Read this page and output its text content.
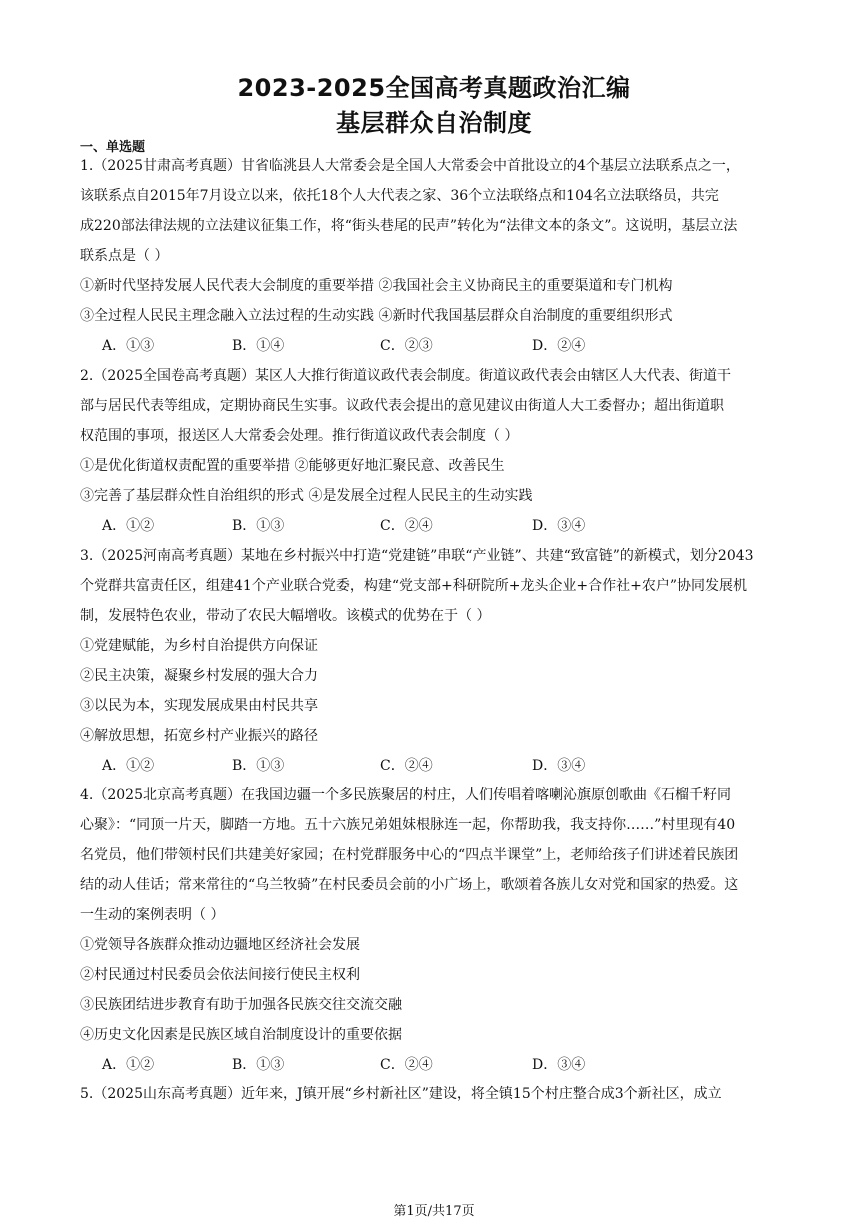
2023-2025全国高考真题政治汇编
基层群众自治制度
一、单选题
1.（2025甘肃高考真题）甘省临洮县人大常委会是全国人大常委会中首批设立的4个基层立法联系点之一，
该联系点自2015年7月设立以来，依托18个人大代表之家、36个立法联络点和104名立法联络员，共完
成220部法律法规的立法建议征集工作，将“街头巷尾的民声”转化为“法律文本的条文”。这说明，基层立法
联系点是（ ）
①新时代坚持发展人民代表大会制度的重要举措 ②我国社会主义协商民主的重要渠道和专门机构
③全过程人民民主理念融入立法过程的生动实践 ④新时代我国基层群众自治制度的重要组织形式
A．①③	B．①④	C．②③	D．②④
2.（2025全国卷高考真题）某区人大推行街道议政代表会制度。街道议政代表会由辖区人大代表、街道干
部与居民代表等组成，定期协商民生实事。议政代表会提出的意见建议由街道人大工委督办；超出街道职
权范围的事项，报送区人大常委会处理。推行街道议政代表会制度（ ）
①是优化街道权责配置的重要举措 ②能够更好地汇聚民意、改善民生
③完善了基层群众性自治组织的形式 ④是发展全过程人民民主的生动实践
A．①②	B．①③	C．②④	D．③④
3.（2025河南高考真题）某地在乡村振兴中打造“党建链”串联“产业链”、共建“致富链”的新模式，划分2043
个党群共富责任区，组建41个产业联合党委，构建“党支部+科研院所+龙头企业+合作社+农户”协同发展机
制，发展特色农业，带动了农民大幅增收。该模式的优势在于（ ）
①党建赋能，为乡村自治提供方向保证
②民主决策，凝聚乡村发展的强大合力
③以民为本，实现发展成果由村民共享
④解放思想，拓宽乡村产业振兴的路径
A．①②	B．①③	C．②④	D．③④
4.（2025北京高考真题）在我国边疆一个多民族聚居的村庄，人们传唱着喀喇沁旗原创歌曲《石榴千籽同
心聚》：“同顶一片天，脚踏一方地。五十六族兄弟姐妹根脉连一起，你帮助我，我支持你……”村里现有40
名党员，他们带领村民们共建美好家园；在村党群服务中心的“四点半课堂”上，老师给孩子们讲述着民族团
结的动人佳话；常来常往的“乌兰牧骑”在村民委员会前的小广场上，歌颂着各族儿女对党和国家的热爱。这
一生动的案例表明（ ）
①党领导各族群众推动边疆地区经济社会发展
②村民通过村民委员会依法间接行使民主权利
③民族团结进步教育有助于加强各民族交往交流交融
④历史文化因素是民族区域自治制度设计的重要依据
A．①②	B．①③	C．②④	D．③④
5.（2025山东高考真题）近年来，J镇开展“乡村新社区”建设，将全镇15个村庄整合成3个新社区，成立
第1页/共17页
